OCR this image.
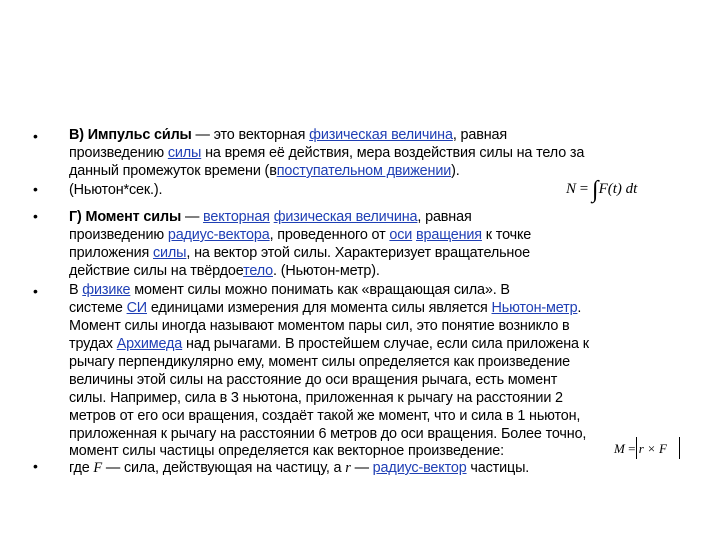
•
•
•
•
•
В) Импульс си́лы — это векторная физическая величина, равная
произведению силы на время её действия, мера воздействия силы на тело за
данный промежуток времени (впоступательном движении).
(Ньютон*сек.).	N = ∫F(t) dt
Г) Момент силы — векторная физическая величина, равная
произведению радиус-вектора, проведенного от оси вращения к точке
приложения силы, на вектор этой силы. Характеризует вращательное
действие силы на твёрдоетело. (Ньютон-метр).
В физике момент силы можно понимать как «вращающая сила». В
системе СИ единицами измерения для момента силы является Ньютон-метр.
Момент силы иногда называют моментом пары сил, это понятие возникло в
трудах Архимеда над рычагами. В простейшем случае, если сила приложена к
рычагу перпендикулярно ему, момент силы определяется как произведение
величины этой силы на расстояние до оси вращения рычага, есть момент
силы. Например, сила в 3 ньютона, приложенная к рычагу на расстоянии 2
метров от его оси вращения, создаёт такой же момент, что и сила в 1 ньютон,
приложенная к рычагу на расстоянии 6 метров до оси вращения. Более точно,
момент силы частицы определяется как векторное произведение:	M = r × F
где F — сила, действующая на частицу, а r — радиус-вектор частицы.
